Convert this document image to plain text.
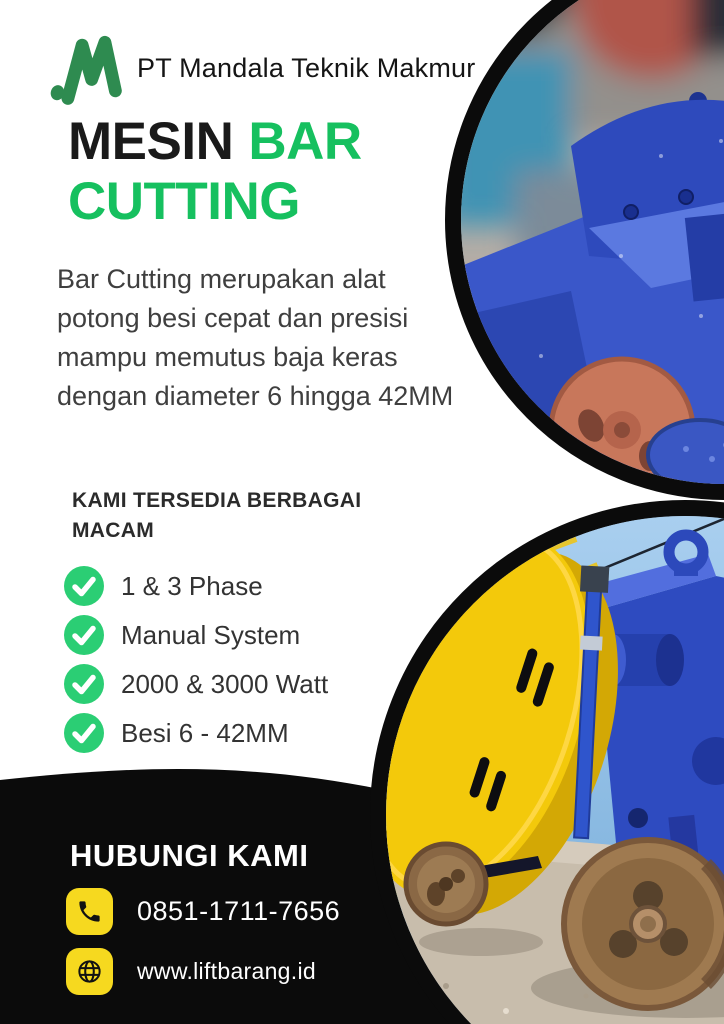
PT Mandala Teknik Makmur
MESIN BAR
CUTTING

Bar Cutting merupakan alat potong besi cepat dan presisi mampu memutus baja keras dengan diameter 6 hingga 42MM

KAMI TERSEDIA BERBAGAI MACAM
1 & 3 Phase
Manual System
2000 & 3000 Watt
Besi 6 - 42MM
HUBUNGI KAMI
0851-1711-7656
www.liftbarang.id
